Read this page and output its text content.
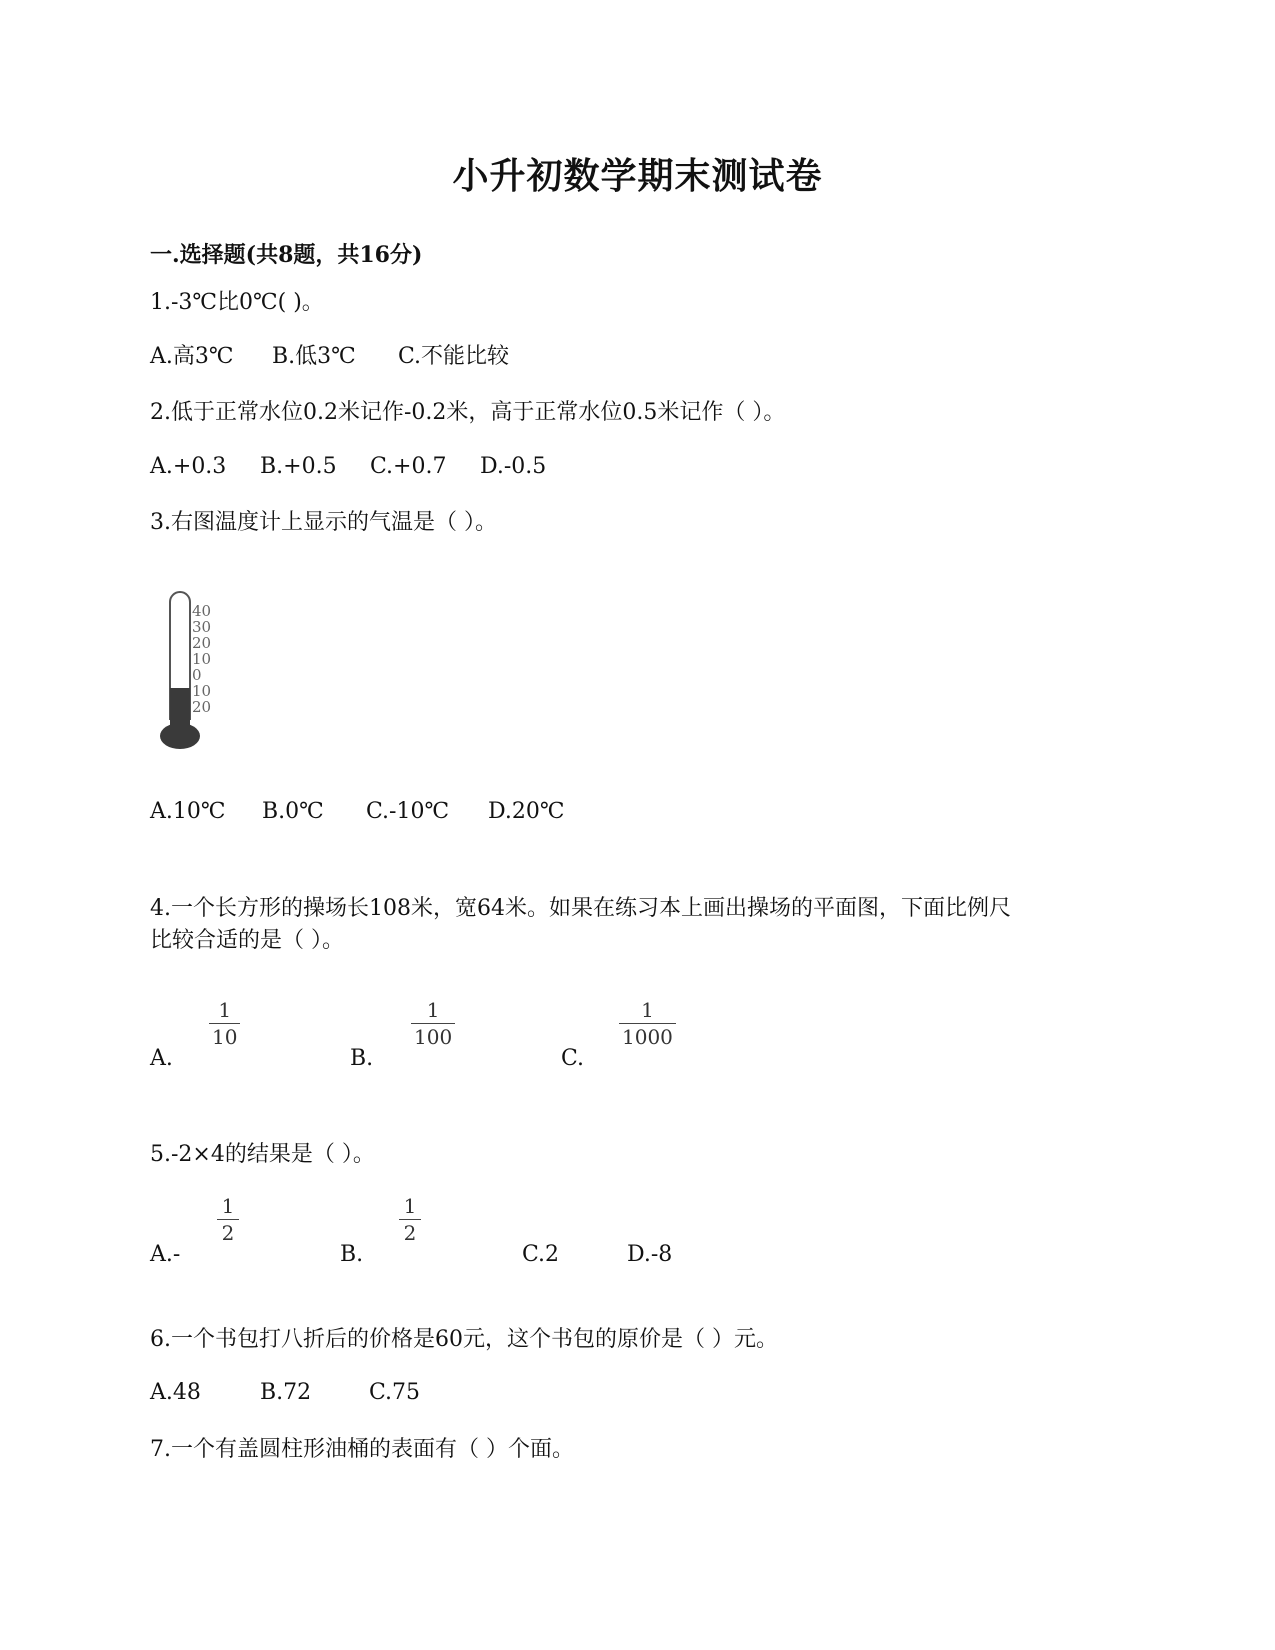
小升初数学期末测试卷
一.选择题(共8题，共16分)
1.-3℃比0℃( )。
A.高3℃ B.低3℃ C.不能比较
2.低于正常水位0.2米记作-0.2米，高于正常水位0.5米记作（ ）。
A.+0.3 B.+0.5 C.+0.7 D.-0.5
3.右图温度计上显示的气温是（ ）。
40
30
20
10
0
10
20
A.10℃ B.0℃ C.-10℃ D.20℃
4.一个长方形的操场长108米，宽64米。如果在练习本上画出操场的平面图，下面比例尺
比较合适的是（ ）。
A.
1
10
B.
1
100
C.
1
1000
5.-2×4的结果是（ ）。
A.-
1
2
B.
1
2
C.2	D.-8
6.一个书包打八折后的价格是60元，这个书包的原价是（ ）元。
A.48	B.72	C.75
7.一个有盖圆柱形油桶的表面有（ ）个面。
